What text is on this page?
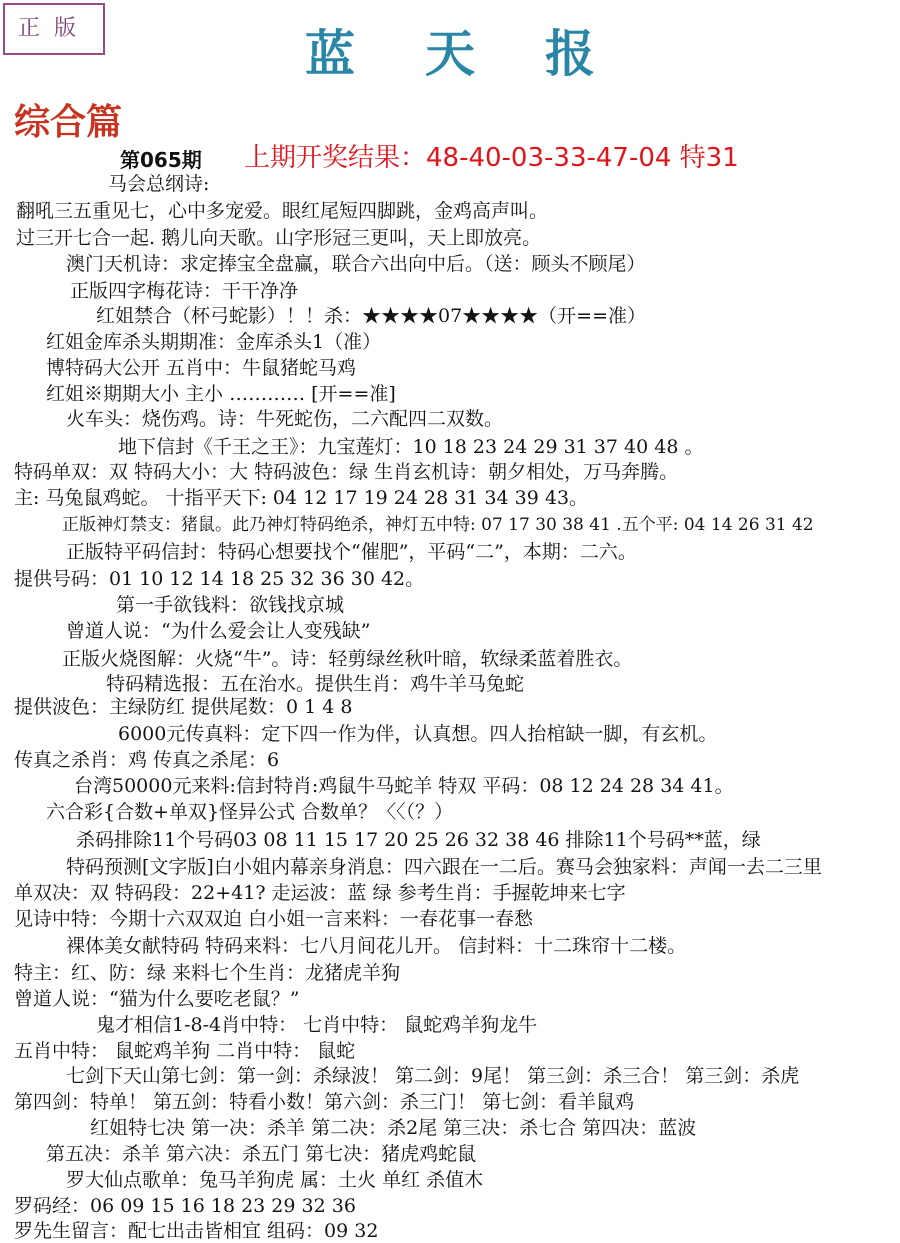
正版	蓝天报
综合篇
第065期 上期开奖结果：48-40-03-33-47-04 特31
马会总纲诗:
翻吼三五重见七，心中多宠爱。眼红尾短四脚跳，金鸡高声叫。
过三开七合一起. 鹅儿向天歌。山字形冠三更叫，天上即放亮。
澳门天机诗：求定捧宝全盘赢，联合六出向中后。（送：顾头不顾尾）
正版四字梅花诗：干干净净
红姐禁合（杯弓蛇影）！！杀：★★★★07★★★★（开==准）
红姐金库杀头期期准：金库杀头1（准）
博特码大公开 五肖中：牛鼠猪蛇马鸡
红姐※期期大小 主小 ………… [开==准]
火车头：烧伤鸡。诗：牛死蛇伤，二六配四二双数。
地下信封《千王之王》：九宝莲灯：10 18 23 24 29 31 37 40 48 。
特码单双：双 特码大小：大 特码波色：绿 生肖玄机诗：朝夕相处，万马奔腾。
主: 马兔鼠鸡蛇。 十指平天下: 04 12 17 19 24 28 31 34 39 43。
正版神灯禁支：猪鼠。此乃神灯特码绝杀，神灯五中特: 07 17 30 38 41 .五个平: 04 14 26 31 42
正版特平码信封：特码心想要找个“催肥”，平码“二”，本期：二六。
提供号码：01 10 12 14 18 25 32 36 30 42。
第一手欲钱料：欲钱找京城
曾道人说：“为什么爱会让人变残缺”
正版火烧图解：火烧“牛”。诗：轻剪绿丝秋叶暗，软绿柔蓝着胜衣。
特码精选报：五在治水。提供生肖：鸡牛羊马兔蛇
提供波色：主绿防红 提供尾数：0 1 4 8
6000元传真料：定下四一作为伴，认真想。四人抬棺缺一脚，有玄机。
传真之杀肖：鸡 传真之杀尾：6
台湾50000元来料:信封特肖:鸡鼠牛马蛇羊 特双 平码：08 12 24 28 34 41。
六合彩{合数+单双}怪异公式 合数单？〈〈（？）
杀码排除11个号码03 08 11 15 17 20 25 26 32 38 46 排除11个号码**蓝，绿
特码预测[文字版]白小姐内幕亲身消息：四六跟在一二后。赛马会独家料：声闻一去二三里
单双决：双 特码段：22+41? 走运波：蓝 绿 参考生肖：手握乾坤来七字
见诗中特：今期十六双双迫 白小姐一言来料：一春花事一春愁
裸体美女献特码 特码来料：七八月间花儿开。 信封料：十二珠帘十二楼。
特主：红、防：绿 来料七个生肖：龙猪虎羊狗
曾道人说：“猫为什么要吃老鼠？”
鬼才相信1-8-4肖中特： 七肖中特： 鼠蛇鸡羊狗龙牛
五肖中特： 鼠蛇鸡羊狗 二肖中特： 鼠蛇
七剑下天山第七剑：第一剑：杀绿波！ 第二剑：9尾！ 第三剑：杀三合！ 第三剑：杀虎
第四剑：特单！ 第五剑：特看小数！第六剑：杀三门！ 第七剑：看羊鼠鸡
红姐特七决 第一决：杀羊 第二决：杀2尾 第三决：杀七合 第四决：蓝波
第五决：杀羊 第六决：杀五门 第七决：猪虎鸡蛇鼠
罗大仙点歌单：兔马羊狗虎 属：土火 单红 杀值木
罗码经：06 09 15 16 18 23 29 32 36
罗先生留言：配七出击皆相宜 组码：09 32
